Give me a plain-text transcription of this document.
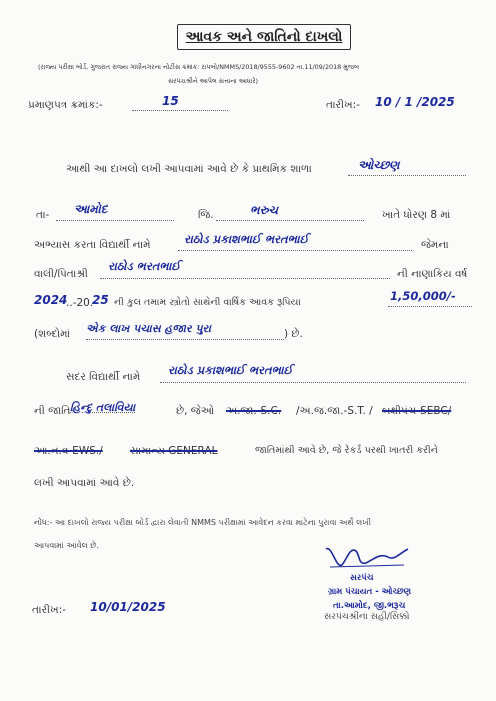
આવક અને જાતિનો દાખલો
(રાજ્ય પરીક્ષા બોર્ડ, ગુજરાત રાજ્ય ગાંધીનગરના નોટીસ ક્રમાંક: રાપબો/NMMS/2018/9555-9602 તા.11/09/2018 મુજબ
સરપંચશ્રીને આપેલ સત્તાના આધારે)
પ્રમાણપત્ર ક્રમાંક:-	15	તારીખ:- 10 / 1 /2025
આથી આ દાખલો લખી આપવામાં આવે છે કે પ્રાથમિક શાળા	ઓચ્છણ
તા- આમોદ	જિ.	ભરુચ	ખાતે ધોરણ 8 માં
અભ્યાસ કરતા વિદ્યાર્થી નામે	રાઠોડ પ્રકાશભાઈ ભરતભાઈ	જેમના
વાલી/પિતાશ્રી
રાઠોડ ભરતભાઈ
ની નાણાકિય વર્ષ
2024
..-20.
25 ની કુલ તમામ સ્ત્રોતો સાથેની વાર્ષિક આવક રૂપિયા	1,50,000/-
(શબ્દોમાં એક લાખ પચાસ હજાર પુરા	) છે.
સદર વિદ્યાર્થી નામે રાઠોડ પ્રકાશભાઈ ભરતભાઈ
ની જાતિ હિન્દુ તલાવિયા	છે, જેઓ અ.જા.-S.C. /અ.જ.જા.-S.T. / બક્ષીપંચ-SEBC/
આ.ન.વ-EWS./	સામાન્ય GENERAL	જાતિમાંથી આવે છે, જે રેકર્ડ પરથી ખાતરી કરીને
લખી આપવામાં આવે છે.
નોંધ:- આ દાખલો રાજ્ય પરીક્ષા બોર્ડ દ્વારા લેવાતી NMMS પરીક્ષામાં આવેદન કરવા માટેના પુરાવા અર્થે લખી
આપવામાં આવેલ છે.
સરપંચ
ગ્રામ પંચાયત - ઓચ્છણ
તા.આમોદ, જી.ભરૂચ
સરપંચશ્રીના સહી/સિક્કો
તારીખ:- 10/01/2025
